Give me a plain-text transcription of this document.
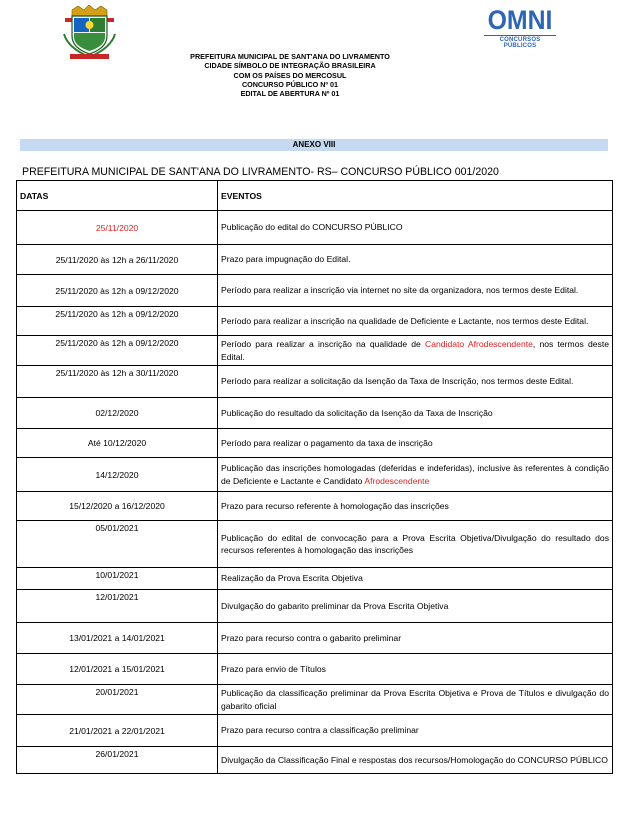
OMNI
CONCURSOS PÚBLICOS
PREFEITURA MUNICIPAL DE SANT'ANA DO LIVRAMENTO
CIDADE SÍMBOLO DE INTEGRAÇÃO BRASILEIRA
COM OS PAÍSES DO MERCOSUL
CONCURSO PÚBLICO Nº 01
EDITAL DE ABERTURA Nº 01
ANEXO VIII
PREFEITURA MUNICIPAL DE SANT'ANA DO LIVRAMENTO- RS– CONCURSO PÚBLICO 001/2020
DATAS	EVENTOS
25/11/2020	Publicação do edital do CONCURSO PÚBLICO
25/11/2020 às 12h a 26/11/2020	Prazo para impugnação do Edital.
25/11/2020 às 12h a 09/12/2020	Período para realizar a inscrição via internet no site da organizadora, nos termos deste Edital.
25/11/2020 às 12h a 09/12/2020	Período para realizar a inscrição na qualidade de Deficiente e Lactante, nos termos deste Edital.
25/11/2020 às 12h a 09/12/2020	Período para realizar a inscrição na qualidade de Candidato Afrodescendente, nos termos deste Edital.
25/11/2020 às 12h a 30/11/2020	Período para realizar a solicitação da Isenção da Taxa de Inscrição, nos termos deste Edital.
02/12/2020	Publicação do resultado da solicitação da Isenção da Taxa de Inscrição
Até 10/12/2020	Período para realizar o pagamento da taxa de inscrição
14/12/2020	Publicação das inscrições homologadas (deferidas e indeferidas), inclusive às referentes à condição de Deficiente e Lactante e Candidato Afrodescendente
15/12/2020 a 16/12/2020	Prazo para recurso referente à homologação das inscrições
05/01/2021	Publicação do edital de convocação para a Prova Escrita Objetiva/Divulgação do resultado dos recursos referentes à homologação das inscrições
10/01/2021	Realização da Prova Escrita Objetiva
12/01/2021	Divulgação do gabarito preliminar da Prova Escrita Objetiva
13/01/2021 a 14/01/2021	Prazo para recurso contra o gabarito preliminar
12/01/2021 a 15/01/2021	Prazo para envio de Títulos
20/01/2021	Publicação da classificação preliminar da Prova Escrita Objetiva e Prova de Títulos e divulgação do gabarito oficial
21/01/2021 a 22/01/2021	Prazo para recurso contra a classificação preliminar
26/01/2021	Divulgação da Classificação Final e respostas dos recursos/Homologação do CONCURSO PÚBLICO
